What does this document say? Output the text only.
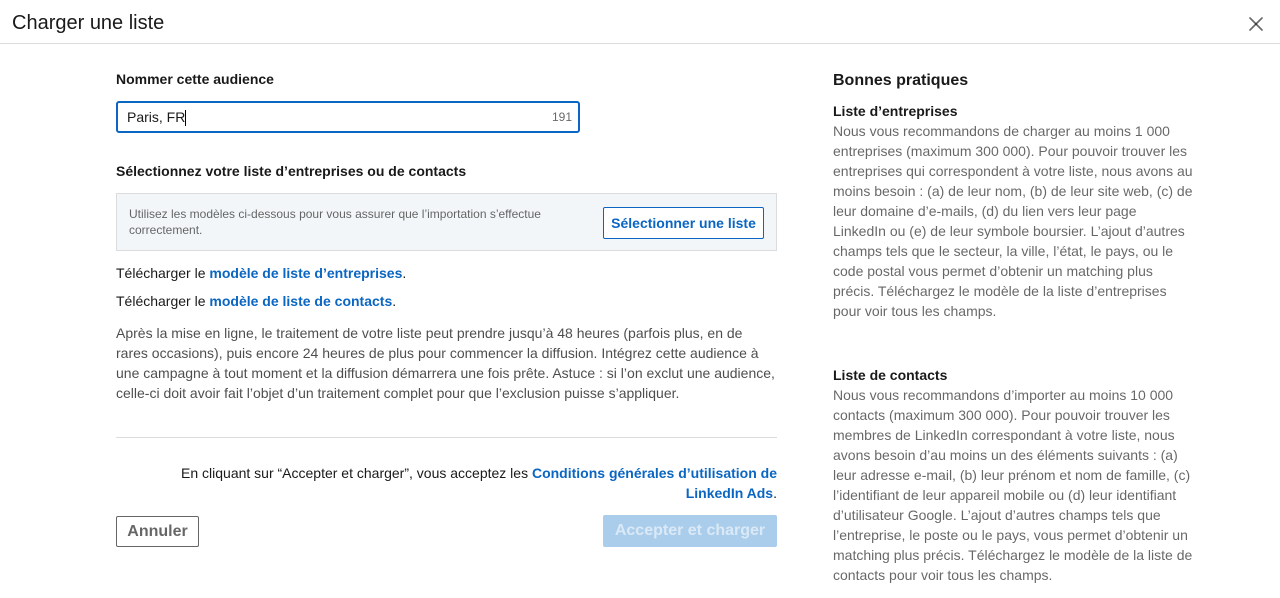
Charger une liste
Nommer cette audience
Paris, FR	191
Sélectionnez votre liste d’entreprises ou de contacts
Utilisez les modèles ci-dessous pour vous assurer que l’importation s’effectue correctement.	Sélectionner une liste
Télécharger le modèle de liste d’entreprises.
Télécharger le modèle de liste de contacts.
Après la mise en ligne, le traitement de votre liste peut prendre jusqu’à 48 heures (parfois plus, en de rares occasions), puis encore 24 heures de plus pour commencer la diffusion. Intégrez cette audience à une campagne à tout moment et la diffusion démarrera une fois prête. Astuce : si l’on exclut une audience, celle-ci doit avoir fait l’objet d’un traitement complet pour que l’exclusion puisse s’appliquer.
En cliquant sur “Accepter et charger”, vous acceptez les Conditions générales d’utilisation de LinkedIn Ads.
Annuler	Accepter et charger
Bonnes pratiques
Liste d’entreprises
Nous vous recommandons de charger au moins 1 000 entreprises (maximum 300 000). Pour pouvoir trouver les entreprises qui correspondent à votre liste, nous avons au moins besoin : (a) de leur nom, (b) de leur site web, (c) de leur domaine d’e-mails, (d) du lien vers leur page LinkedIn ou (e) de leur symbole boursier. L’ajout d’autres champs tels que le secteur, la ville, l’état, le pays, ou le code postal vous permet d’obtenir un matching plus précis. Téléchargez le modèle de la liste d’entreprises pour voir tous les champs.
Liste de contacts
Nous vous recommandons d’importer au moins 10 000 contacts (maximum 300 000). Pour pouvoir trouver les membres de LinkedIn correspondant à votre liste, nous avons besoin d’au moins un des éléments suivants : (a) leur adresse e-mail, (b) leur prénom et nom de famille, (c) l’identifiant de leur appareil mobile ou (d) leur identifiant d’utilisateur Google. L’ajout d’autres champs tels que l’entreprise, le poste ou le pays, vous permet d’obtenir un matching plus précis. Téléchargez le modèle de la liste de contacts pour voir tous les champs.
